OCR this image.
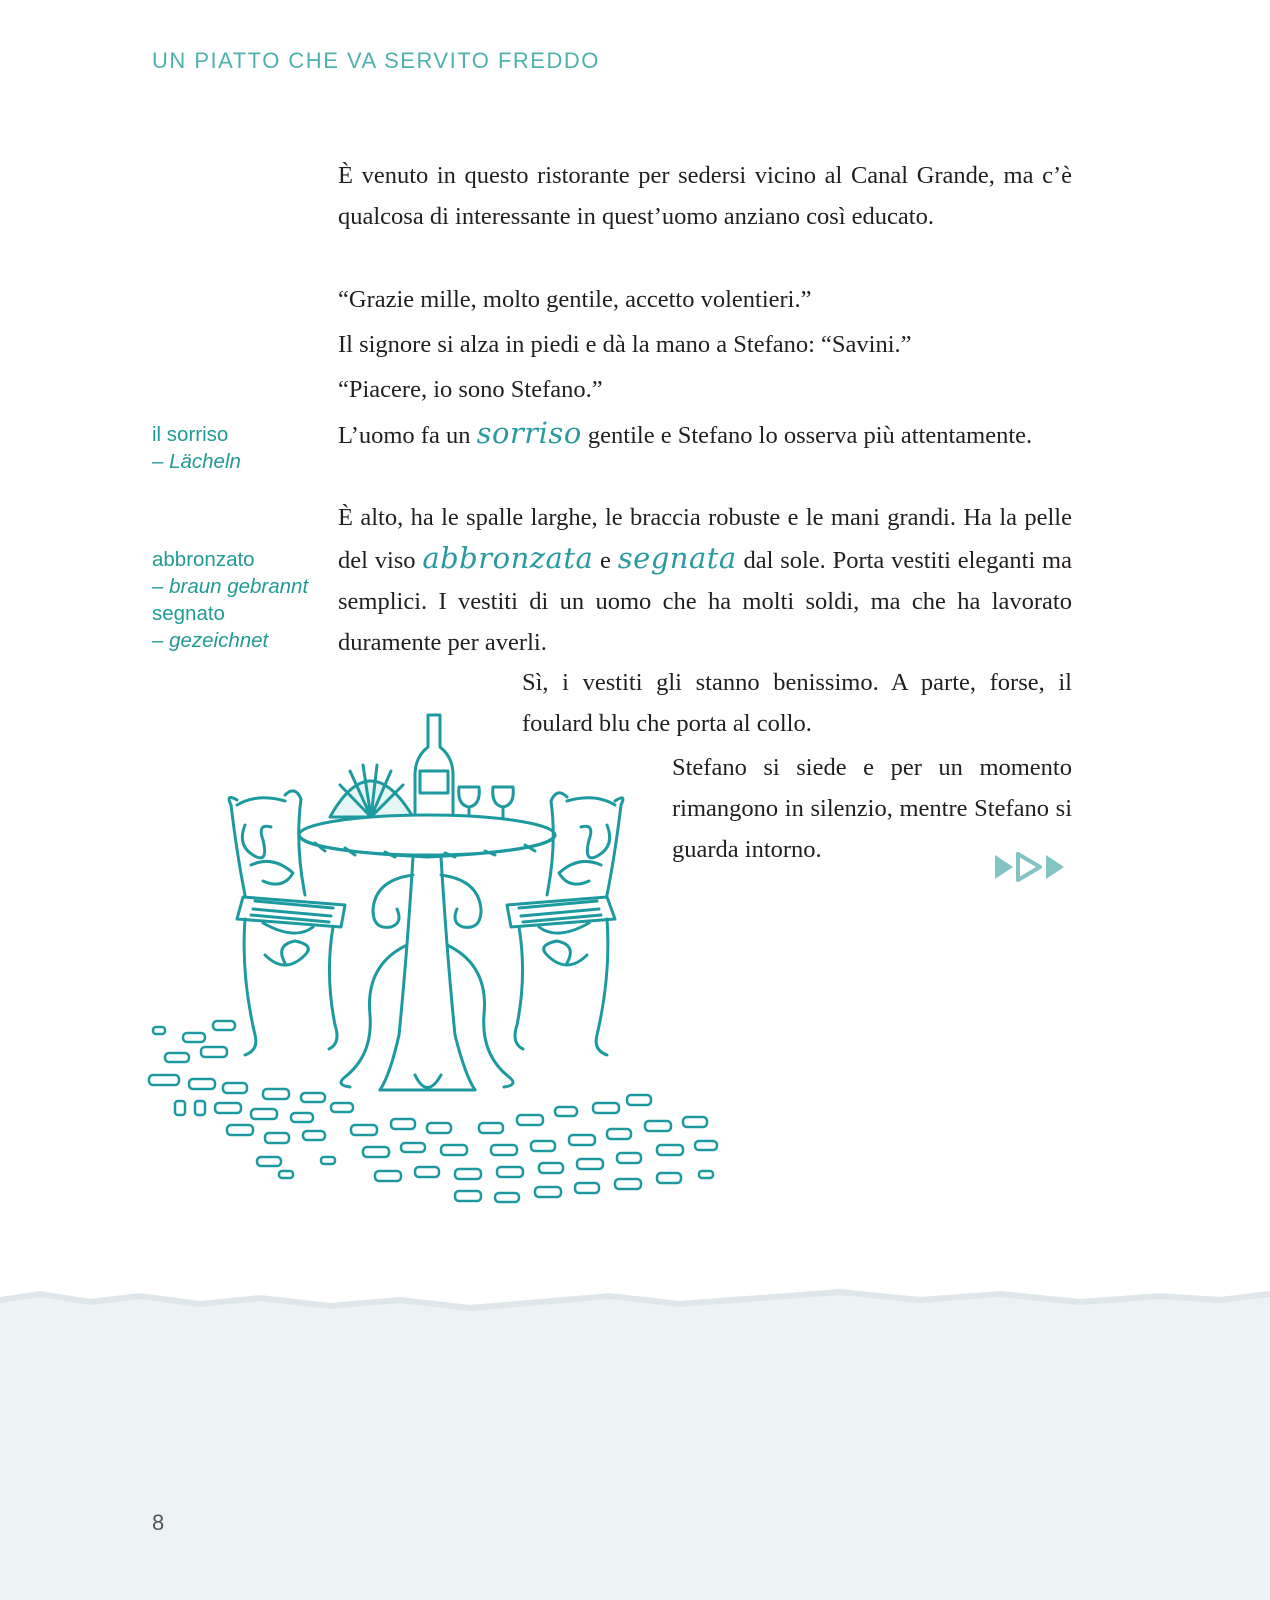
UN PIATTO CHE VA SERVITO FREDDO

È venuto in questo ristorante per sedersi vicino al Canal Grande, ma c’è qualcosa di interessante in quest’uomo anziano così educato.

“Grazie mille, molto gentile, accetto volentieri.”

Il signore si alza in piedi e dà la mano a Stefano: “Savini.”

“Piacere, io sono Stefano.”

L’uomo fa un sorriso gentile e Stefano lo osserva più attentamente.

È alto, ha le spalle larghe, le braccia robuste e le mani grandi. Ha la pelle del viso abbronzata e segnata dal sole. Porta vestiti eleganti ma semplici. I vestiti di un uomo che ha molti soldi, ma che ha lavorato duramente per averli.

Sì, i vestiti gli stanno benissimo. A parte, forse, il foulard blu che porta al collo.

Stefano si siede e per un momento rimangono in silenzio, mentre Stefano si guarda intorno.

il sorriso
– Lächeln
abbronzato
– braun gebrannt
segnato
– gezeichnet
8
